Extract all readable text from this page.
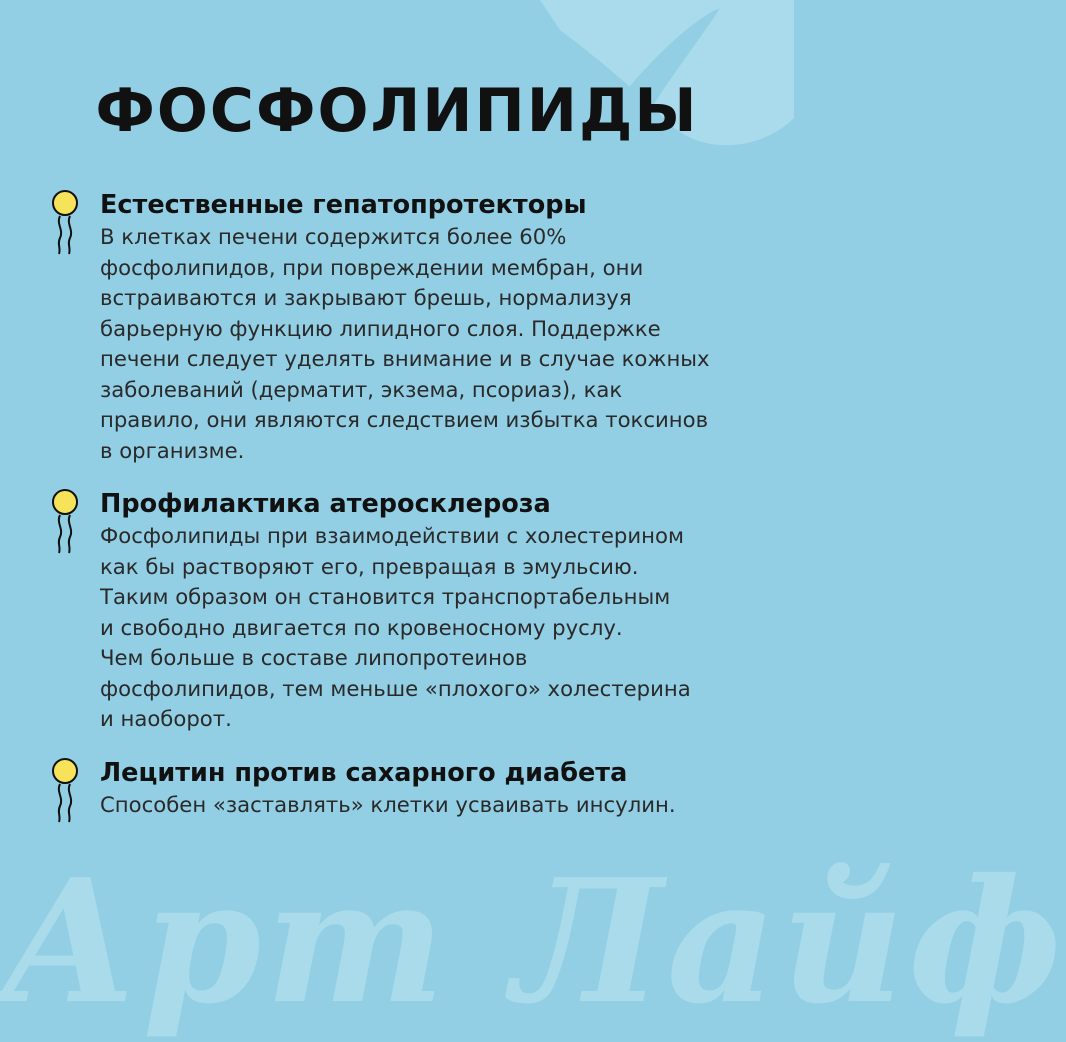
Арт Лайф
ФОСФОЛИПИДЫ
Естественные гепатопротекторы

В клетках печени содержится более 60%
фосфолипидов, при повреждении мембран, они
встраиваются и закрывают брешь, нормализуя
барьерную функцию липидного слоя. Поддержке
печени следует уделять внимание и в случае кожных
заболеваний (дерматит, экзема, псориаз), как
правило, они являются следствием избытка токсинов
в организме.

Профилактика атеросклероза

Фосфолипиды при взаимодействии с холестерином
как бы растворяют его, превращая в эмульсию.
Таким образом он становится транспортабельным
и свободно двигается по кровеносному руслу.
Чем больше в составе липопротеинов
фосфолипидов, тем меньше «плохого» холестерина
и наоборот.

Лецитин против сахарного диабета

Способен «заставлять» клетки усваивать инсулин.
